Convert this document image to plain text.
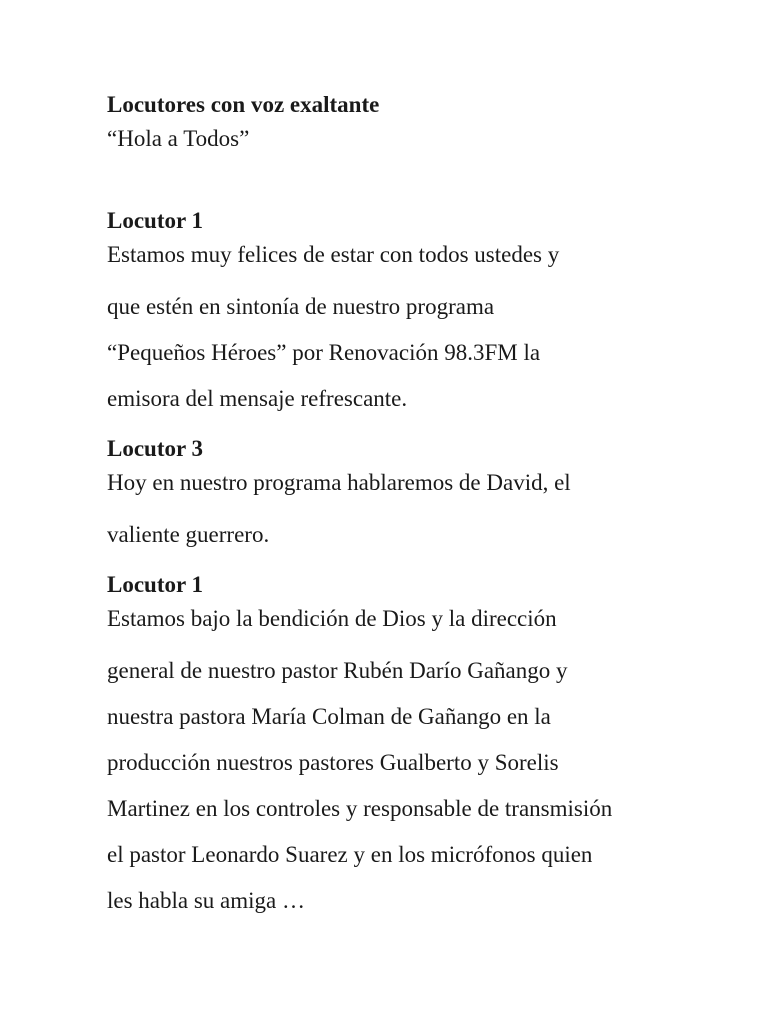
Locutores con voz exaltante
“Hola a Todos”
Locutor 1
Estamos muy felices de estar con todos ustedes y
que estén en sintonía de nuestro programa
“Pequeños Héroes” por Renovación 98.3FM la
emisora del mensaje refrescante.
Locutor 3
Hoy en nuestro programa hablaremos de David, el
valiente guerrero.
Locutor 1
Estamos bajo la bendición de Dios y la dirección
general de nuestro pastor Rubén Darío Gañango y
nuestra pastora María Colman de Gañango en la
producción nuestros pastores Gualberto y Sorelis
Martinez en los controles y responsable de transmisión
el pastor Leonardo Suarez y en los micrófonos quien
les habla su amiga …
